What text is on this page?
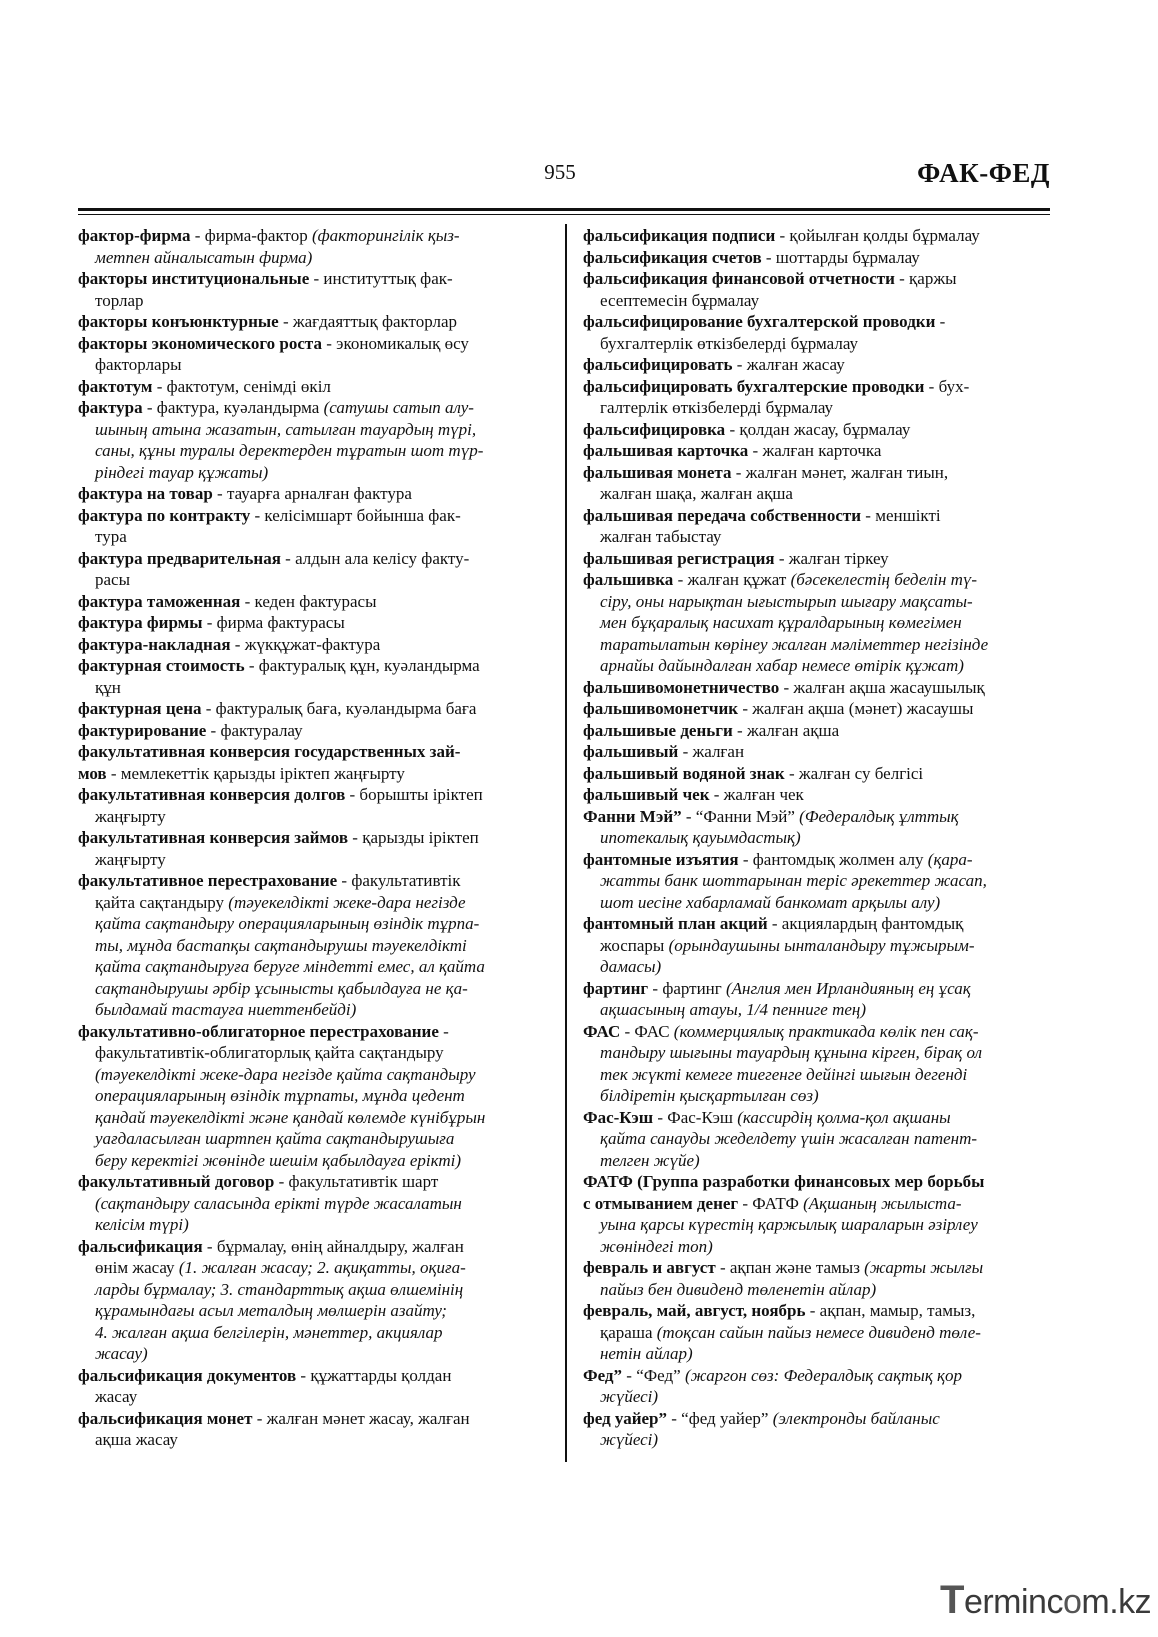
955	ФАК-ФЕД
фактор-фирма - фирма-фактор (факторингілік қыз-
метпен айналысатын фирма)
факторы институциональные - институттық фак-
торлар
факторы конъюнктурные - жағдаяттық факторлар
факторы экономического роста - экономикалық өсу
факторлары
фактотум - фактотум, сенімді өкіл
фактура - фактура, куәландырма (сатушы сатып алу-
шының атына жазатын, сатылған тауардың түрі,
саны, құны туралы деректерден тұратын шот түр-
ріндегі тауар құжаты)
фактура на товар - тауарға арналған фактура
фактура по контракту - келісімшарт бойынша фак-
тура
фактура предварительная - алдын ала келісу факту-
расы
фактура таможенная - кеден фактурасы
фактура фирмы - фирма фактурасы
фактура-накладная - жүкқұжат-фактура
фактурная стоимость - фактуралық құн, куәландырма
құн
фактурная цена - фактуралық баға, куәландырма баға
фактурирование - фактуралау
факультативная конверсия государственных зай-
мов - мемлекеттік қарызды іріктеп жаңғырту
факультативная конверсия долгов - борышты іріктеп
жаңғырту
факультативная конверсия займов - қарызды іріктеп
жаңғырту
факультативное перестрахование - факультативтік
қайта сақтандыру (тәуекелдікті жеке-дара негізде
қайта сақтандыру операцияларының өзіндік тұрпа-
ты, мұнда бастапқы сақтандырушы тәуекелдікті
қайта сақтандыруға беруге міндетті емес, ал қайта
сақтандырушы әрбір ұсынысты қабылдауға не қа-
былдамай тастауға ниеттенбейді)
факультативно-облигаторное перестрахование -
факультативтік-облигаторлық қайта сақтандыру
(тәуекелдікті жеке-дара негізде қайта сақтандыру
операцияларының өзіндік тұрпаты, мұнда цедент
қандай тәуекелдікті және қандай көлемде күнібұрын
уағдаласылған шартпен қайта сақтандырушыға
беру керектігі жөнінде шешім қабылдауға ерікті)
факультативный договор - факультативтік шарт
(сақтандыру саласында ерікті түрде жасалатын
келісім түрі)
фальсификация - бұрмалау, өнің айналдыру, жалған
өнім жасау (1. жалған жасау; 2. ақиқатты, оқиға-
ларды бұрмалау; 3. стандарттық ақша өлшемінің
құрамындағы асыл металдың мөлшерін азайту;
4. жалған ақша белгілерін, мәнеттер, акциялар
жасау)
фальсификация документов - құжаттарды қолдан
жасау
фальсификация монет - жалған мәнет жасау, жалған
ақша жасау
фальсификация подписи - қойылған қолды бұрмалау
фальсификация счетов - шоттарды бұрмалау
фальсификация финансовой отчетности - қаржы
есептемесін бұрмалау
фальсифицирование бухгалтерской проводки -
бухгалтерлік өткізбелерді бұрмалау
фальсифицировать - жалған жасау
фальсифицировать бухгалтерские проводки - бух-
галтерлік өткізбелерді бұрмалау
фальсифицировка - қолдан жасау, бұрмалау
фальшивая карточка - жалған карточка
фальшивая монета - жалған мәнет, жалған тиын,
жалған шақа, жалған ақша
фальшивая передача собственности - меншікті
жалған табыстау
фальшивая регистрация - жалған тіркеу
фальшивка - жалған құжат (бәсекелестің беделін тү-
сіру, оны нарықтан ығыстырып шығару мақсаты-
мен бұқаралық насихат құралдарының көмегімен
таратылатын көрінеу жалған мәліметтер негізінде
арнайы дайындалған хабар немесе өтірік құжат)
фальшивомонетничество - жалған ақша жасаушылық
фальшивомонетчик - жалған ақша (мәнет) жасаушы
фальшивые деньги - жалған ақша
фальшивый - жалған
фальшивый водяной знак - жалған су белгісі
фальшивый чек - жалған чек
Фанни Мэй” - “Фанни Мэй” (Федералдық ұлттық
ипотекалық қауымдастық)
фантомные изъятия - фантомдық жолмен алу (қара-
жатты банк шоттарынан теріс әрекеттер жасап,
шот иесіне хабарламай банкомат арқылы алу)
фантомный план акций - акциялардың фантомдық
жоспары (орындаушыны ынталандыру тұжырым-
дамасы)
фартинг - фартинг (Англия мен Ирландияның ең ұсақ
ақшасының атауы, 1/4 пенниге тең)
ФАС - ФАС (коммерциялық практикада көлік пен сақ-
тандыру шығыны тауардың құнына кірген, бірақ ол
тек жүкті кемеге тиегенге дейінгі шығын дегенді
білдіретін қысқартылған сөз)
Фас-Кэш - Фас-Кэш (кассирдің қолма-қол ақшаны
қайта санауды жеделдету үшін жасалған патент-
телген жүйе)
ФАТФ (Группа разработки финансовых мер борьбы
с отмыванием денег - ФАТФ (Ақшаның жылыста-
уына қарсы күрестің қаржылық шараларын әзірлеу
жөніндегі топ)
февраль и август - ақпан және тамыз (жарты жылғы
пайыз бен дивиденд төленетін айлар)
февраль, май, август, ноябрь - ақпан, мамыр, тамыз,
қараша (тоқсан сайын пайыз немесе дивиденд төле-
нетін айлар)
Фед” - “Фед” (жаргон сөз: Федералдық сақтық қор
жүйесі)
фед уайер” - “фед уайер” (электронды байланыс
жүйесі)
Termincom.kz
